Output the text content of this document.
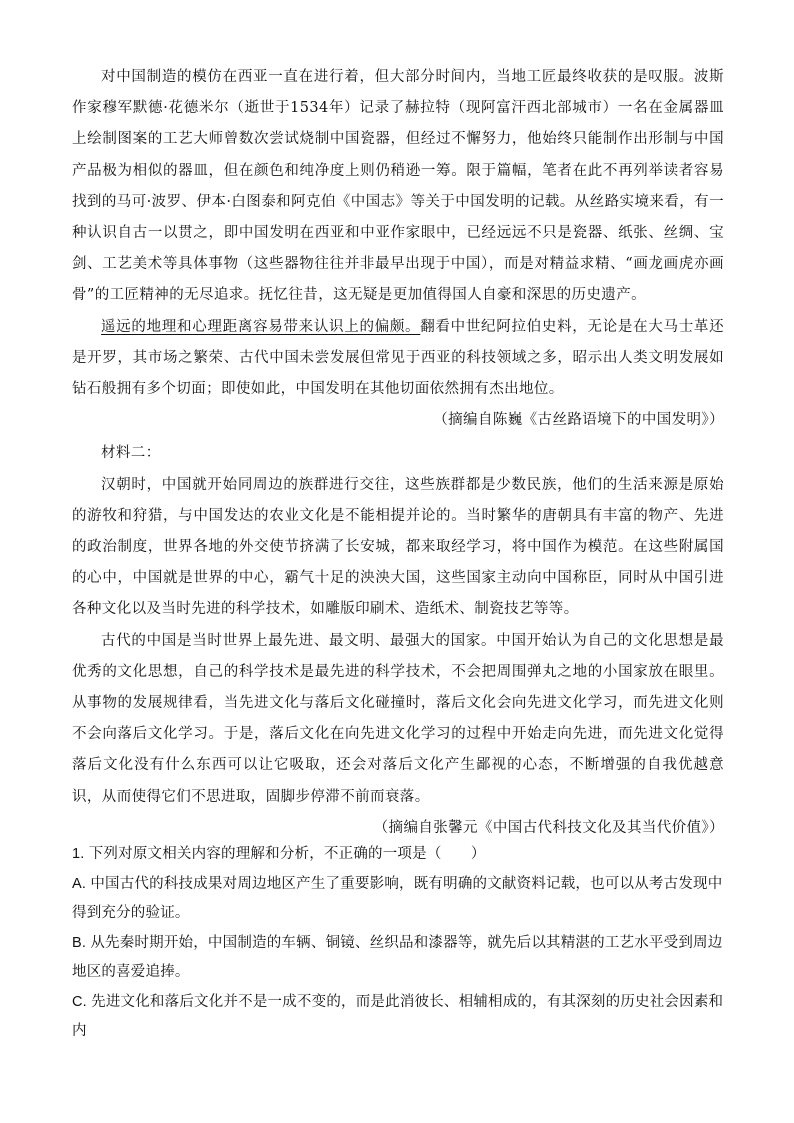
对中国制造的模仿在西亚一直在进行着，但大部分时间内，当地工匠最终收获的是叹服。波斯作家穆军默德·花德米尔（逝世于1534年）记录了赫拉特（现阿富汗西北部城市）一名在金属器皿上绘制图案的工艺大师曾数次尝试烧制中国瓷器，但经过不懈努力，他始终只能制作出形制与中国产品极为相似的器皿，但在颜色和纯净度上则仍稍逊一筹。限于篇幅，笔者在此不再列举读者容易找到的马可·波罗、伊本·白图泰和阿克伯《中国志》等关于中国发明的记载。从丝路实境来看，有一种认识自古一以贯之，即中国发明在西亚和中亚作家眼中，已经远远不只是瓷器、纸张、丝绸、宝剑、工艺美术等具体事物（这些器物往往并非最早出现于中国），而是对精益求精、“画龙画虎亦画骨”的工匠精神的无尽追求。抚忆往昔，这无疑是更加值得国人自豪和深思的历史遗产。

遥远的地理和心理距离容易带来认识上的偏颇。翻看中世纪阿拉伯史料，无论是在大马士革还是开罗，其市场之繁荣、古代中国未尝发展但常见于西亚的科技领域之多，昭示出人类文明发展如钻石般拥有多个切面；即使如此，中国发明在其他切面依然拥有杰出地位。

（摘编自陈巍《古丝路语境下的中国发明》）

材料二：

汉朝时，中国就开始同周边的族群进行交往，这些族群都是少数民族，他们的生活来源是原始的游牧和狩猎，与中国发达的农业文化是不能相提并论的。当时繁华的唐朝具有丰富的物产、先进的政治制度，世界各地的外交使节挤满了长安城，都来取经学习，将中国作为模范。在这些附属国的心中，中国就是世界的中心，霸气十足的泱泱大国，这些国家主动向中国称臣，同时从中国引进各种文化以及当时先进的科学技术，如雕版印刷术、造纸术、制瓷技艺等等。

古代的中国是当时世界上最先进、最文明、最强大的国家。中国开始认为自己的文化思想是最优秀的文化思想，自己的科学技术是最先进的科学技术，不会把周围弹丸之地的小国家放在眼里。从事物的发展规律看，当先进文化与落后文化碰撞时，落后文化会向先进文化学习，而先进文化则不会向落后文化学习。于是，落后文化在向先进文化学习的过程中开始走向先进，而先进文化觉得落后文化没有什么东西可以让它吸取，还会对落后文化产生鄙视的心态，不断增强的自我优越意识，从而使得它们不思进取，固脚步停滞不前而衰落。

（摘编自张馨元《中国古代科技文化及其当代价值》）

1. 下列对原文相关内容的理解和分析，不正确的一项是（　　）

A. 中国古代的科技成果对周边地区产生了重要影响，既有明确的文献资料记载，也可以从考古发现中得到充分的验证。

B. 从先秦时期开始，中国制造的车辆、铜镜、丝织品和漆器等，就先后以其精湛的工艺水平受到周边地区的喜爱追捧。

C. 先进文化和落后文化并不是一成不变的，而是此消彼长、相辅相成的，有其深刻的历史社会因素和内
